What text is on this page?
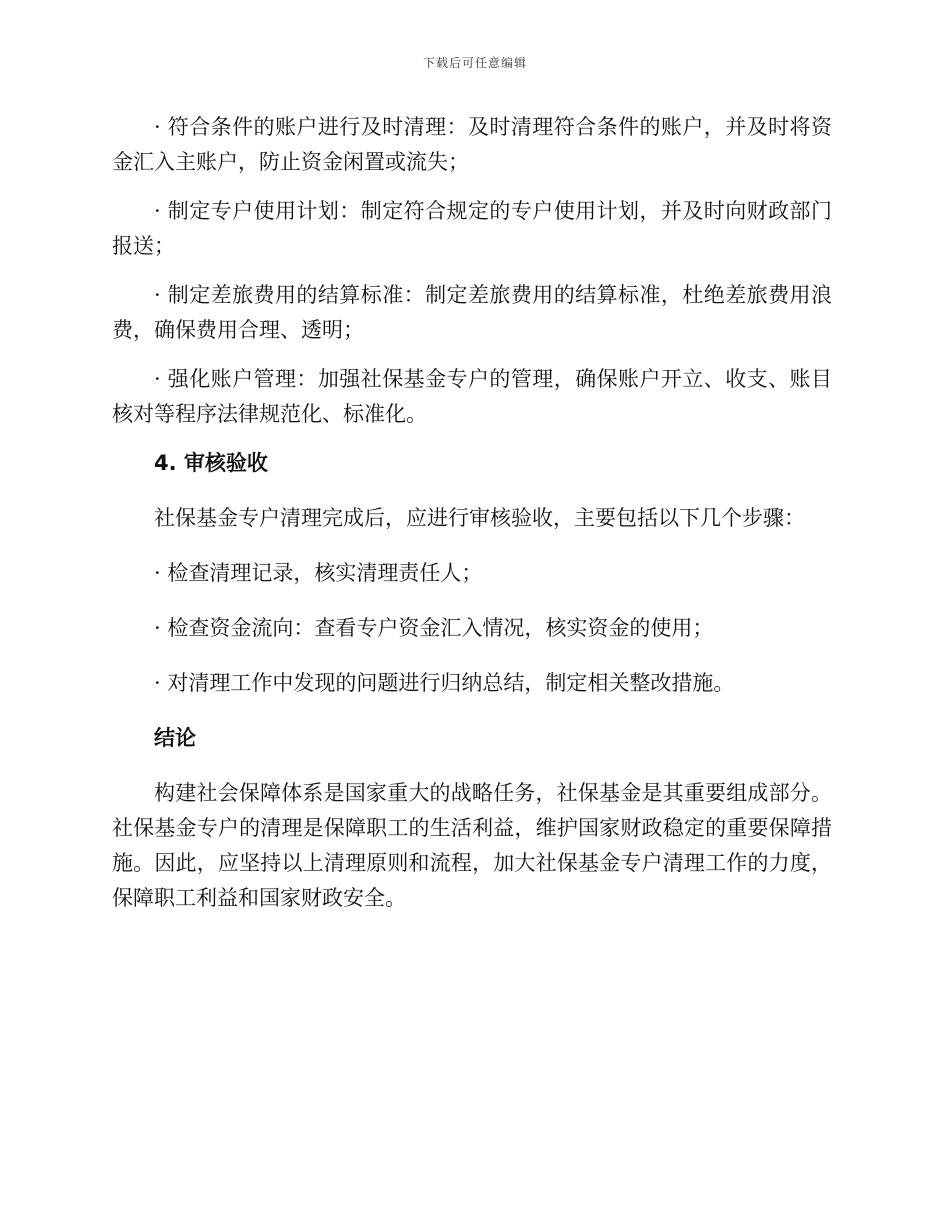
下载后可任意编辑

· 符合条件的账户进行及时清理：及时清理符合条件的账户，并及时将资金汇入主账户，防止资金闲置或流失；

· 制定专户使用计划：制定符合规定的专户使用计划，并及时向财政部门报送；

· 制定差旅费用的结算标准：制定差旅费用的结算标准，杜绝差旅费用浪费，确保费用合理、透明；

· 强化账户管理：加强社保基金专户的管理，确保账户开立、收支、账目核对等程序法律规范化、标准化。

4. 审核验收

社保基金专户清理完成后，应进行审核验收，主要包括以下几个步骤：

· 检查清理记录，核实清理责任人；

· 检查资金流向：查看专户资金汇入情况，核实资金的使用；

· 对清理工作中发现的问题进行归纳总结，制定相关整改措施。

结论

构建社会保障体系是国家重大的战略任务，社保基金是其重要组成部分。社保基金专户的清理是保障职工的生活利益，维护国家财政稳定的重要保障措施。因此，应坚持以上清理原则和流程，加大社保基金专户清理工作的力度，保障职工利益和国家财政安全。
